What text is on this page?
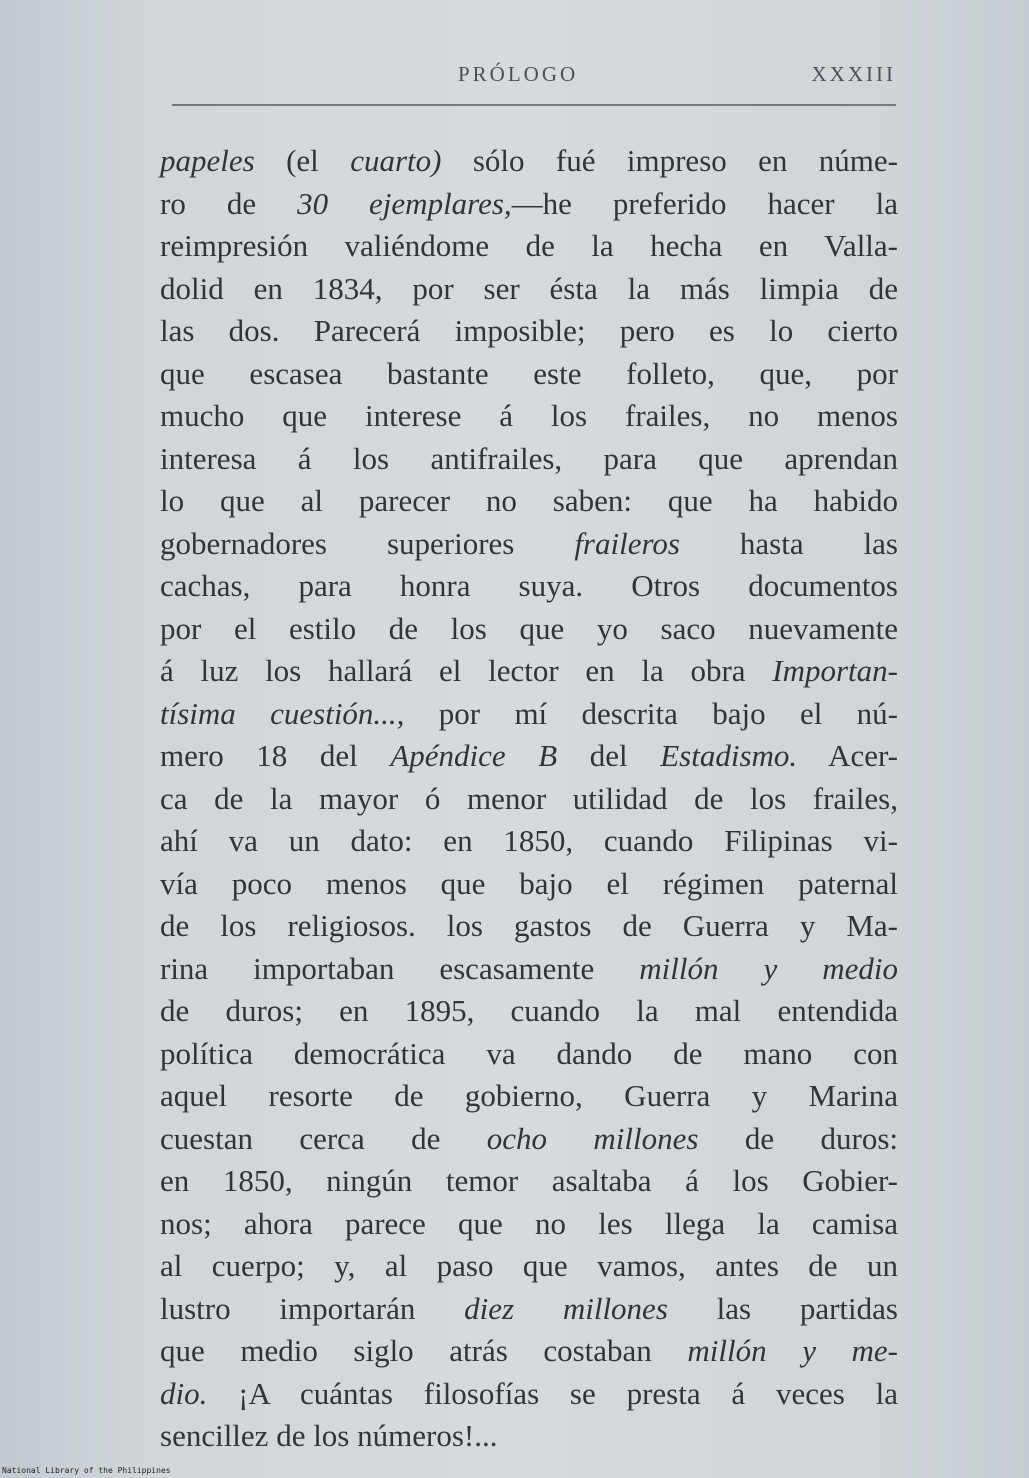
PRÓLOGO	XXXIII
papeles (el cuarto) sólo fué impreso en núme-
ro de 30 ejemplares,—he preferido hacer la
reimpresión valiéndome de la hecha en Valla-
dolid en 1834, por ser ésta la más limpia de
las dos. Parecerá imposible; pero es lo cierto
que escasea bastante este folleto, que, por
mucho que interese á los frailes, no menos
interesa á los antifrailes, para que aprendan
lo que al parecer no saben: que ha habido
gobernadores superiores fraileros hasta las
cachas, para honra suya. Otros documentos
por el estilo de los que yo saco nuevamente
á luz los hallará el lector en la obra Importan-
tísima cuestión..., por mí descrita bajo el nú-
mero 18 del Apéndice B del Estadismo. Acer-
ca de la mayor ó menor utilidad de los frailes,
ahí va un dato: en 1850, cuando Filipinas vi-
vía poco menos que bajo el régimen paternal
de los religiosos. los gastos de Guerra y Ma-
rina importaban escasamente millón y medio
de duros; en 1895, cuando la mal entendida
política democrática va dando de mano con
aquel resorte de gobierno, Guerra y Marina
cuestan cerca de ocho millones de duros:
en 1850, ningún temor asaltaba á los Gobier-
nos; ahora parece que no les llega la camisa
al cuerpo; y, al paso que vamos, antes de un
lustro importarán diez millones las partidas
que medio siglo atrás costaban millón y me-
dio. ¡A cuántas filosofías se presta á veces la
sencillez de los números!...
National Library of the Philippines
